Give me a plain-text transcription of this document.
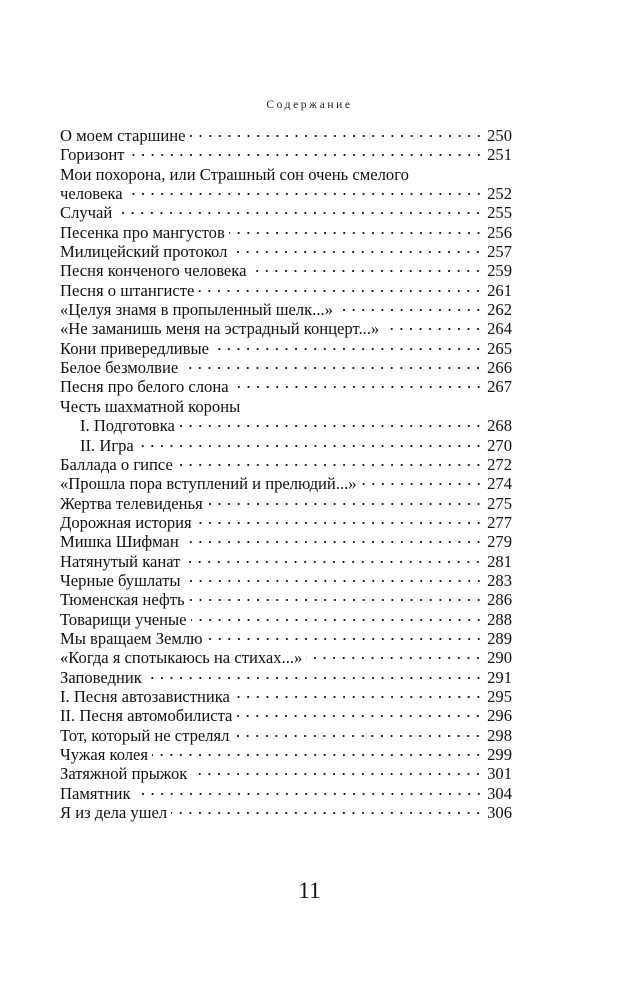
Содержание
О моем старшине	250
Горизонт	251
Мои похорона, или Страшный сон очень смелого
человека	252
Случай	255
Песенка про мангустов	256
Милицейский протокол	257
Песня конченого человека	259
Песня о штангисте	261
«Целуя знамя в пропыленный шелк...»	262
«Не заманишь меня на эстрадный концерт...»	264
Кони привередливые	265
Белое безмолвие	266
Песня про белого слона	267
Честь шахматной короны
I. Подготовка	268
II. Игра	270
Баллада о гипсе	272
«Прошла пора вступлений и прелюдий...»	274
Жертва телевиденья	275
Дорожная история	277
Мишка Шифман	279
Натянутый канат	281
Черные бушлаты	283
Тюменская нефть	286
Товарищи ученые	288
Мы вращаем Землю	289
«Когда я спотыкаюсь на стихах...»	290
Заповедник	291
I. Песня автозавистника	295
II. Песня автомобилиста	296
Тот, который не стрелял	298
Чужая колея	299
Затяжной прыжок	301
Памятник	304
Я из дела ушел	306
11
